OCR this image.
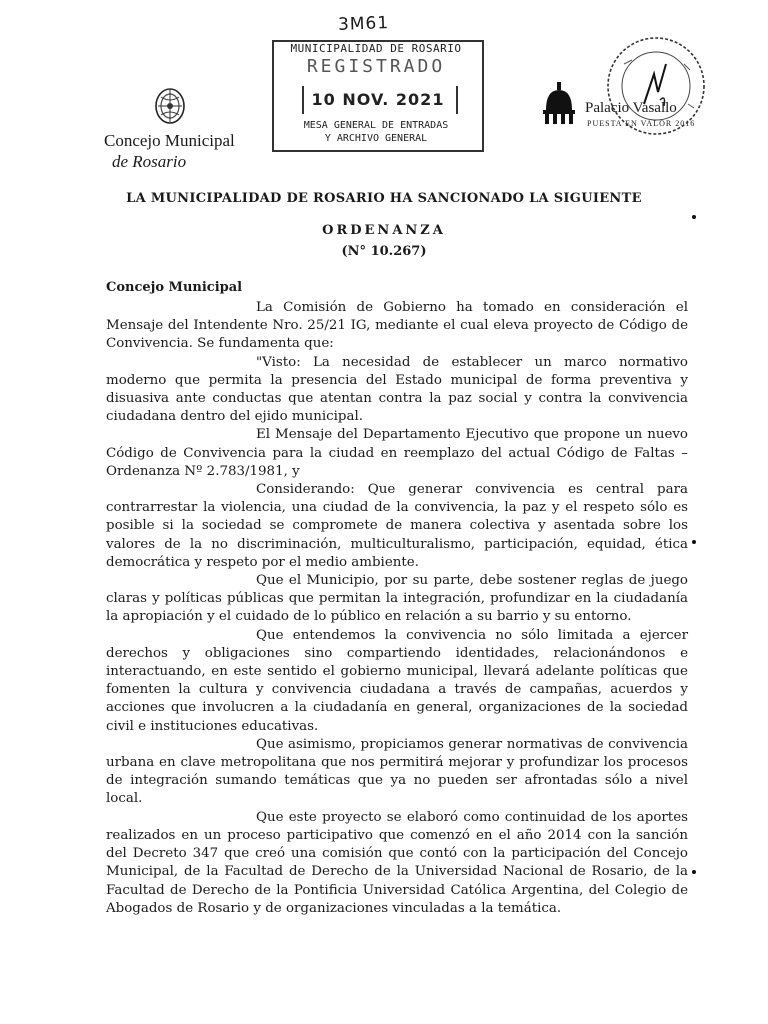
3M61
Concejo Municipal
de Rosario
MUNICIPALIDAD DE ROSARIO
REGISTRADO
10 NOV. 2021
MESA GENERAL DE ENTRADAS
Y ARCHIVO GENERAL
Palacio Vasallo
PUESTA EN VALOR 2016
LA MUNICIPALIDAD DE ROSARIO HA SANCIONADO LA SIGUIENTE
ORDENANZA
(N° 10.267)
Concejo Municipal

La Comisión de Gobierno ha tomado en consideración el Mensaje del Intendente Nro. 25/21 IG, mediante el cual eleva proyecto de Código de Convivencia. Se fundamenta que:

"Visto: La necesidad de establecer un marco normativo moderno que permita la presencia del Estado municipal de forma preventiva y disuasiva ante conductas que atentan contra la paz social y contra la convivencia ciudadana dentro del ejido municipal.

El Mensaje del Departamento Ejecutivo que propone un nuevo Código de Convivencia para la ciudad en reemplazo del actual Código de Faltas – Ordenanza Nº 2.783/1981, y

Considerando: Que generar convivencia es central para contrarrestar la violencia, una ciudad de la convivencia, la paz y el respeto sólo es posible si la sociedad se compromete de manera colectiva y asentada sobre los valores de la no discriminación, multiculturalismo, participación, equidad, ética democrática y respeto por el medio ambiente.

Que el Municipio, por su parte, debe sostener reglas de juego claras y políticas públicas que permitan la integración, profundizar en la ciudadanía la apropiación y el cuidado de lo público en relación a su barrio y su entorno.

Que entendemos la convivencia no sólo limitada a ejercer derechos y obligaciones sino compartiendo identidades, relacionándonos e interactuando, en este sentido el gobierno municipal, llevará adelante políticas que fomenten la cultura y convivencia ciudadana a través de campañas, acuerdos y acciones que involucren a la ciudadanía en general, organizaciones de la sociedad civil e instituciones educativas.

Que asimismo, propiciamos generar normativas de convivencia urbana en clave metropolitana que nos permitirá mejorar y profundizar los procesos de integración sumando temáticas que ya no pueden ser afrontadas sólo a nivel local.

Que este proyecto se elaboró como continuidad de los aportes realizados en un proceso participativo que comenzó en el año 2014 con la sanción del Decreto 347 que creó una comisión que contó con la participación del Concejo Municipal, de la Facultad de Derecho de la Universidad Nacional de Rosario, de la Facultad de Derecho de la Pontificia Universidad Católica Argentina, del Colegio de Abogados de Rosario y de organizaciones vinculadas a la temática.
